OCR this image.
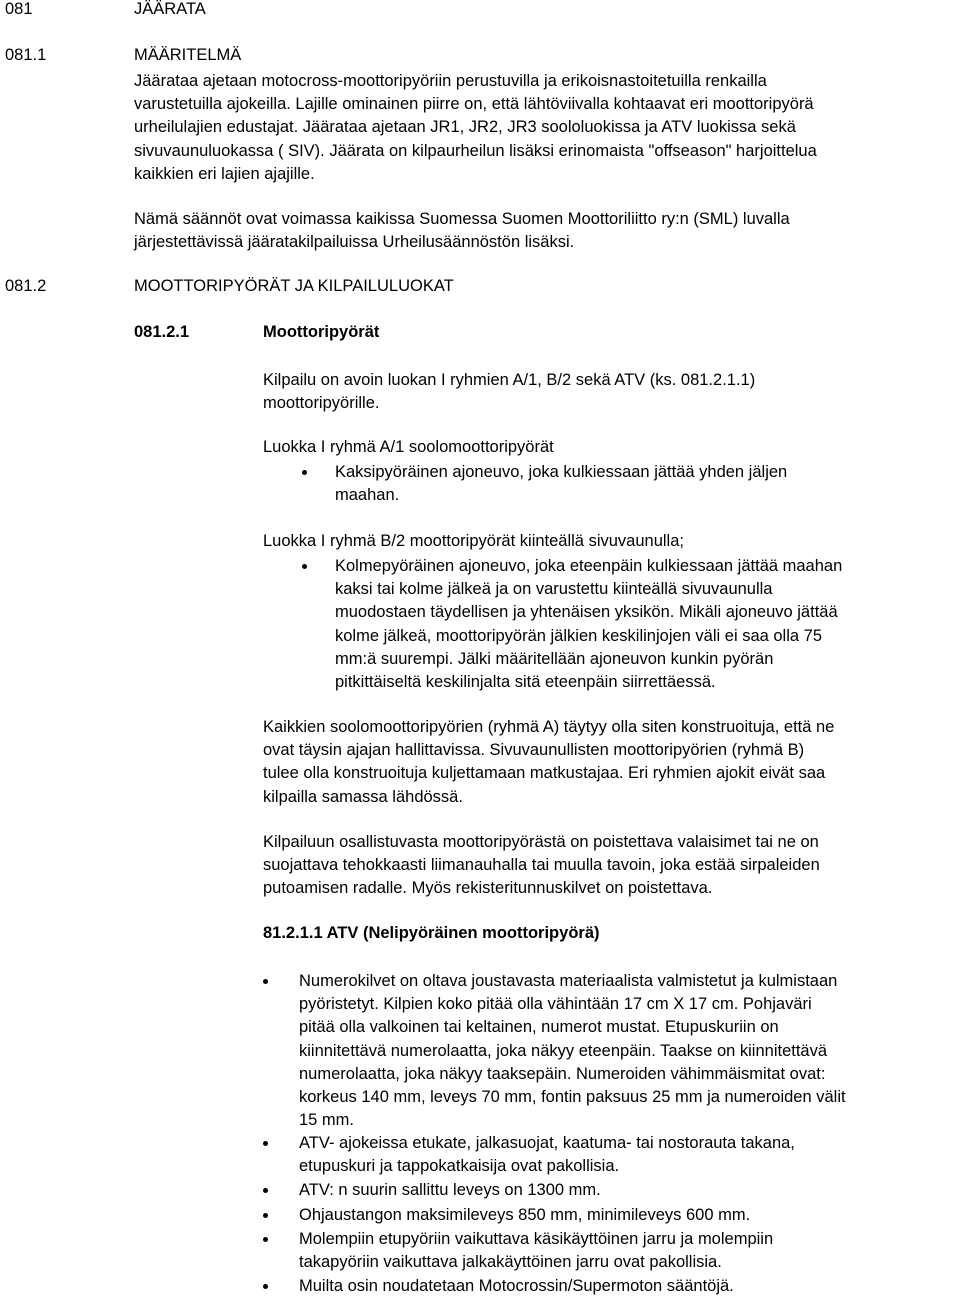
081	JÄÄRATA
081.1	MÄÄRITELMÄ
Jäärataa ajetaan motocross-moottoripyöriin perustuvilla ja erikoisnastoitetuilla renkailla
varustetuilla ajokeilla. Lajille ominainen piirre on, että lähtöviivalla kohtaavat eri moottoripyörä
urheilulajien edustajat. Jäärataa ajetaan JR1, JR2, JR3 soololuokissa ja ATV luokissa sekä
sivuvaunuluokassa ( SIV). Jäärata on kilpaurheilun lisäksi erinomaista "offseason" harjoittelua
kaikkien eri lajien ajajille.
Nämä säännöt ovat voimassa kaikissa Suomessa Suomen Moottoriliitto ry:n (SML) luvalla
järjestettävissä jääratakilpailuissa Urheilusäännöstön lisäksi.
081.2	MOOTTORIPYÖRÄT JA KILPAILULUOKAT
081.2.1	Moottoripyörät
Kilpailu on avoin luokan I ryhmien A/1, B/2 sekä ATV (ks. 081.2.1.1)
moottoripyörille.
Luokka I ryhmä A/1 soolomoottoripyörät
Kaksipyöräinen ajoneuvo, joka kulkiessaan jättää yhden jäljen
maahan.
Luokka I ryhmä B/2 moottoripyörät kiinteällä sivuvaunulla;
Kolmepyöräinen ajoneuvo, joka eteenpäin kulkiessaan jättää maahan
kaksi tai kolme jälkeä ja on varustettu kiinteällä sivuvaunulla
muodostaen täydellisen ja yhtenäisen yksikön. Mikäli ajoneuvo jättää
kolme jälkeä, moottoripyörän jälkien keskilinjojen väli ei saa olla 75
mm:ä suurempi. Jälki määritellään ajoneuvon kunkin pyörän
pitkittäiseltä keskilinjalta sitä eteenpäin siirrettäessä.
Kaikkien soolomoottoripyörien (ryhmä A) täytyy olla siten konstruoituja, että ne
ovat täysin ajajan hallittavissa. Sivuvaunullisten moottoripyörien (ryhmä B)
tulee olla konstruoituja kuljettamaan matkustajaa. Eri ryhmien ajokit eivät saa
kilpailla samassa lähdössä.
Kilpailuun osallistuvasta moottoripyörästä on poistettava valaisimet tai ne on
suojattava tehokkaasti liimanauhalla tai muulla tavoin, joka estää sirpaleiden
putoamisen radalle. Myös rekisteritunnuskilvet on poistettava.
81.2.1.1 ATV (Nelipyöräinen moottoripyörä)
Numerokilvet on oltava joustavasta materiaalista valmistetut ja kulmistaan
pyöristetyt. Kilpien koko pitää olla vähintään 17 cm X 17 cm. Pohjaväri
pitää olla valkoinen tai keltainen, numerot mustat. Etupuskuriin on
kiinnitettävä numerolaatta, joka näkyy eteenpäin. Taakse on kiinnitettävä
numerolaatta, joka näkyy taaksepäin. Numeroiden vähimmäismitat ovat:
korkeus 140 mm, leveys 70 mm, fontin paksuus 25 mm ja numeroiden välit
15 mm.
ATV- ajokeissa etukate, jalkasuojat, kaatuma- tai nostorauta takana,
etupuskuri ja tappokatkaisija ovat pakollisia.
ATV: n suurin sallittu leveys on 1300 mm.
Ohjaustangon maksimileveys 850 mm, minimileveys 600 mm.
Molempiin etupyöriin vaikuttava käsikäyttöinen jarru ja molempiin
takapyöriin vaikuttava jalkakäyttöinen jarru ovat pakollisia.
Muilta osin noudatetaan Motocrossin/Supermoton sääntöjä.
